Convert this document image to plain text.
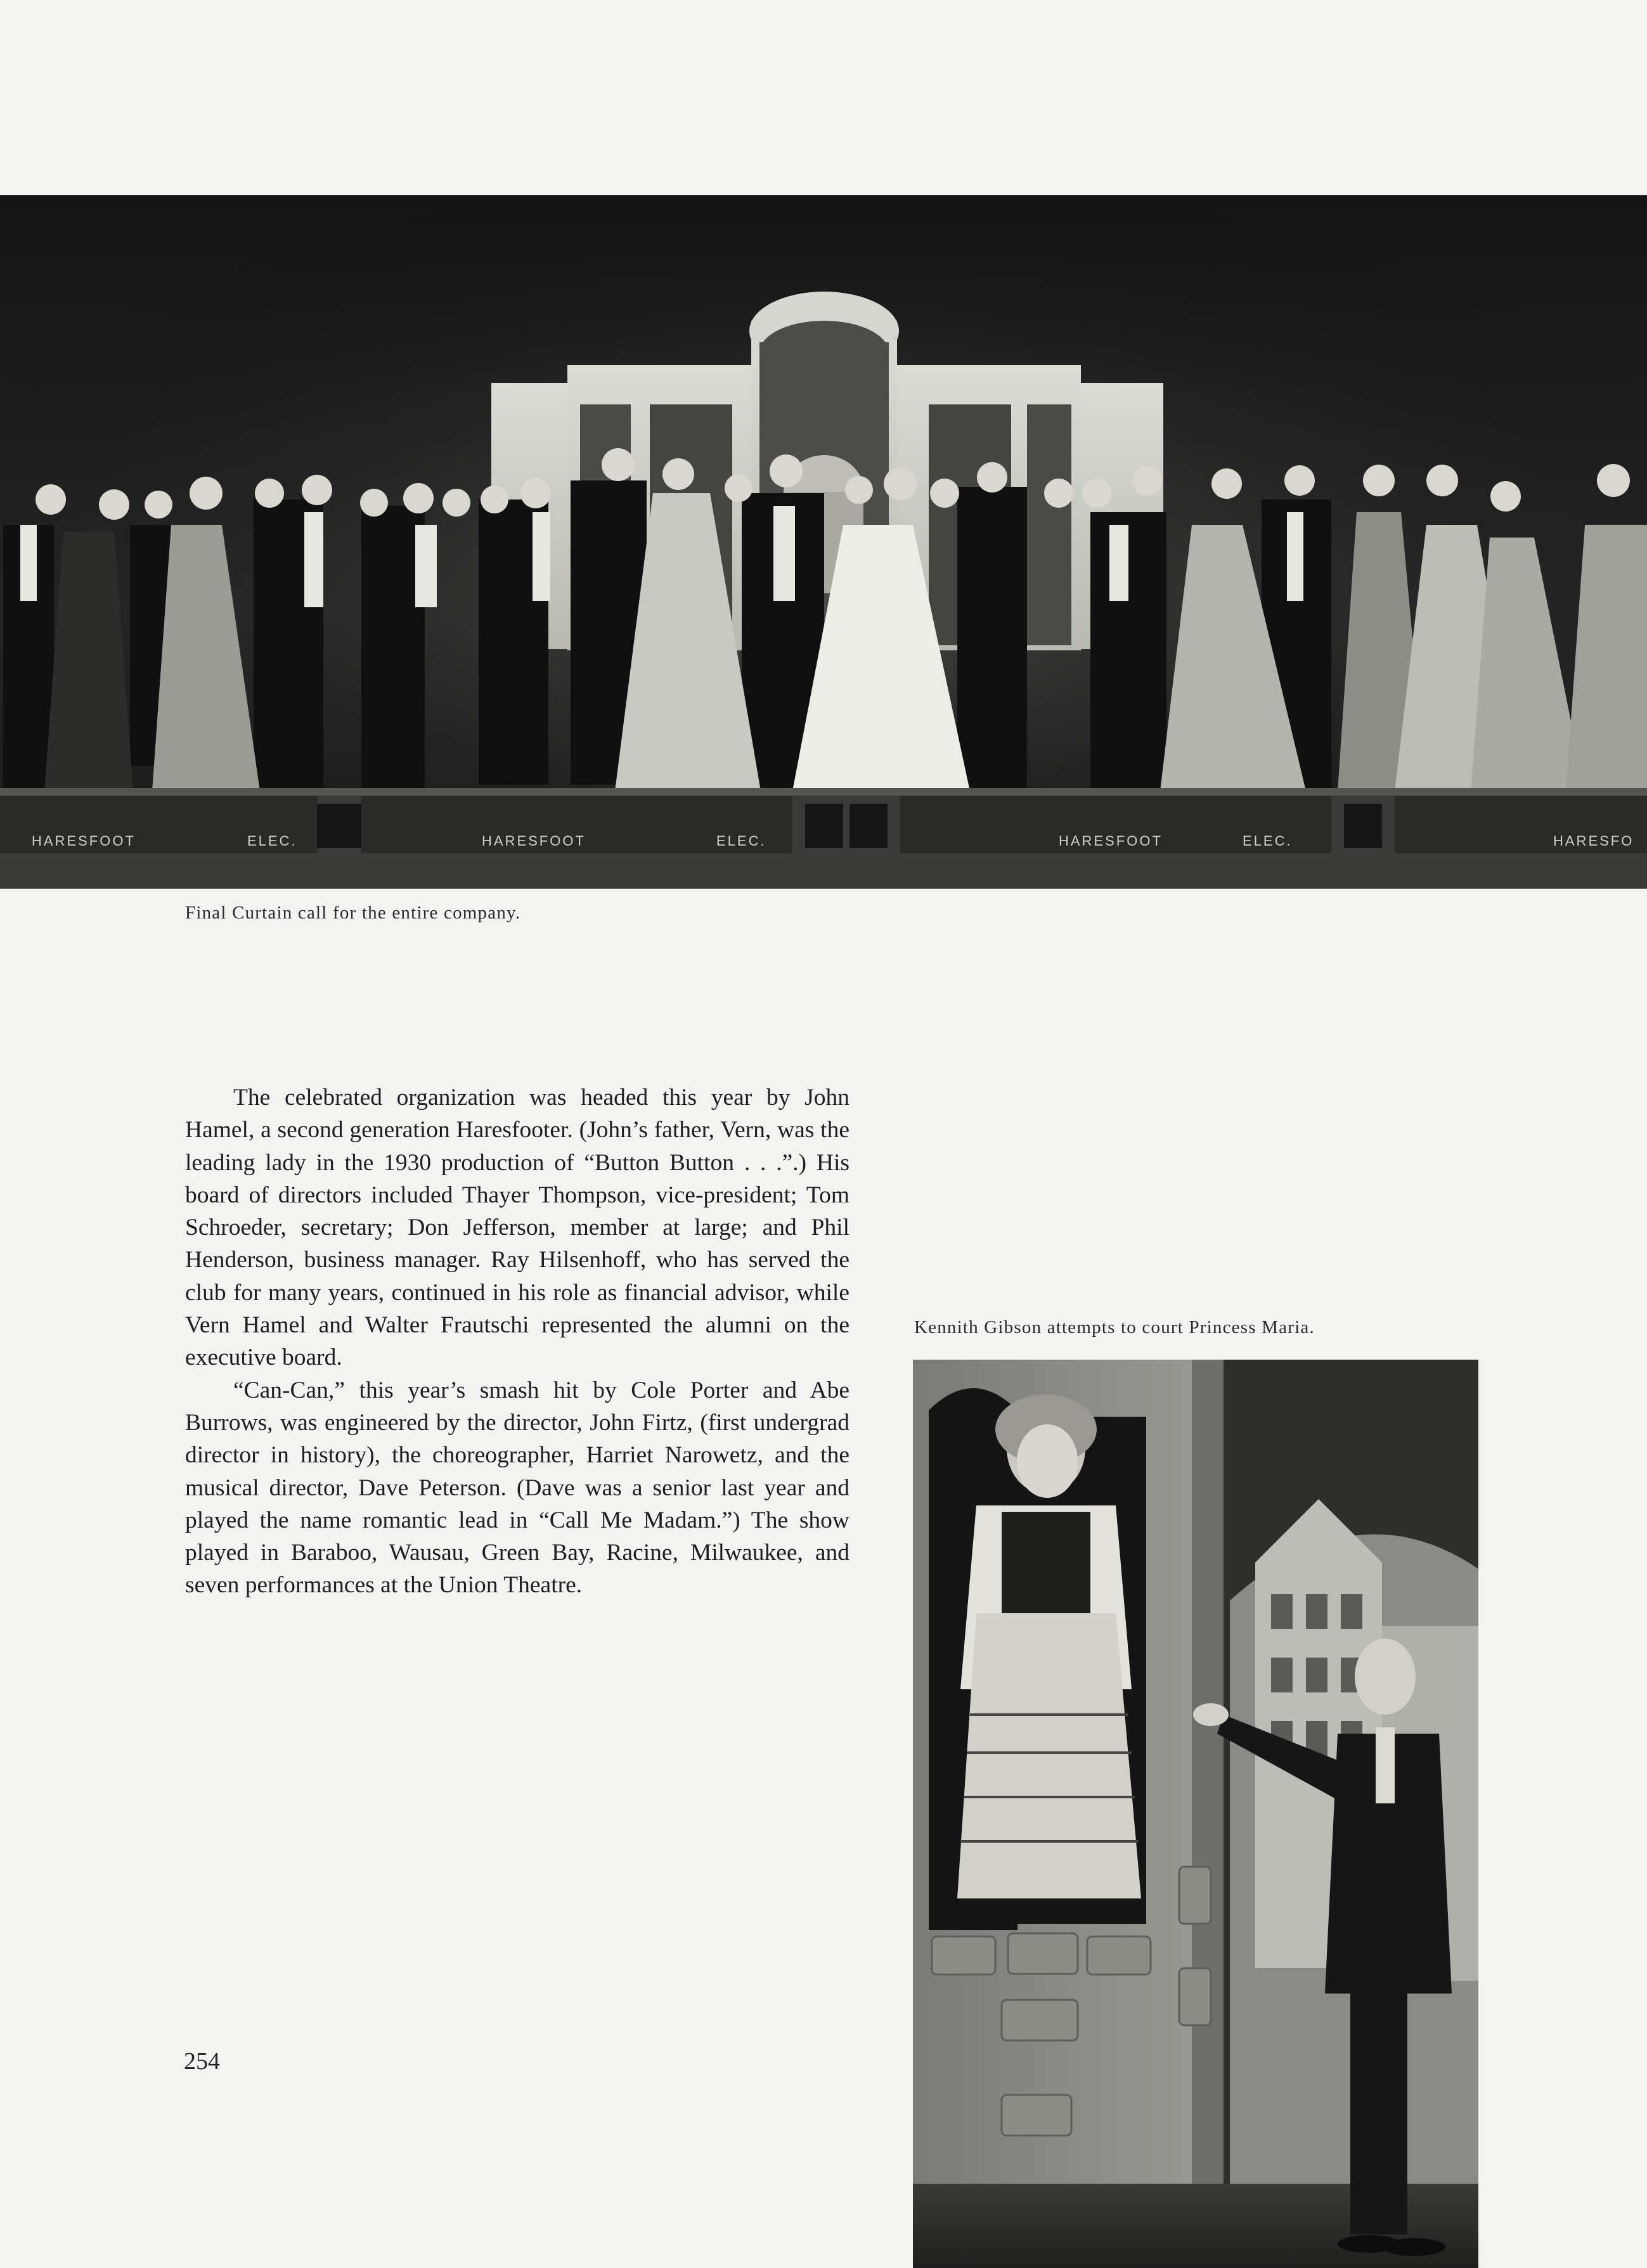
HARESFOOT	ELEC.	HARESFOOT	ELEC.	HARESFOOT	ELEC.	HARESFO
Final Curtain call for the entire company.

The celebrated organization was headed this year by John Hamel, a second generation Haresfooter. (John’s father, Vern, was the leading lady in the 1930 production of “Button Button . . .”.) His board of directors included Thayer Thompson, vice-president; Tom Schroeder, secretary; Don Jefferson, member at large; and Phil Henderson, business manager. Ray Hilsenhoff, who has served the club for many years, continued in his role as financial advisor, while Vern Hamel and Walter Frautschi represented the alumni on the executive board.

“Can-Can,” this year’s smash hit by Cole Porter and Abe Burrows, was engineered by the director, John Firtz, (first undergrad director in history), the choreographer, Harriet Narowetz, and the musical director, Dave Peterson. (Dave was a senior last year and played the name romantic lead in “Call Me Madam.”) The show played in Baraboo, Wausau, Green Bay, Racine, Milwaukee, and seven performances at the Union Theatre.

Kennith Gibson attempts to court Princess Maria.
254
